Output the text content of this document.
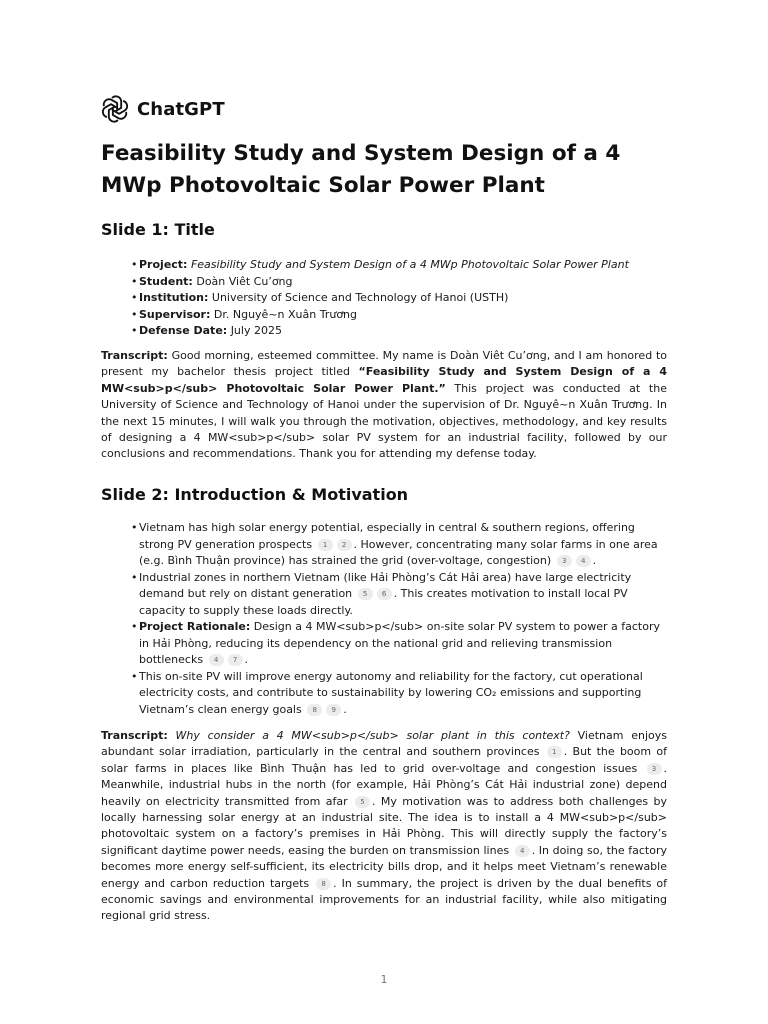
ChatGPT
Feasibility Study and System Design of a 4 MWp Photovoltaic Solar Power Plant
Slide 1: Title
• Project: Feasibility Study and System Design of a 4 MWp Photovoltaic Solar Power Plant
• Student: Doàn Viêt Cu’ơng
• Institution: University of Science and Technology of Hanoi (USTH)
• Supervisor: Dr. Nguyê~n Xuân Trươ̛ng
• Defense Date: July 2025

Transcript: Good morning, esteemed committee. My name is Doàn Viêt Cu’ơng, and I am honored to present my bachelor thesis project titled “Feasibility Study and System Design of a 4 MW<sub>p</sub> Photovoltaic Solar Power Plant.” This project was conducted at the University of Science and Technology of Hanoi under the supervision of Dr. Nguyê~n Xuân Trươ̛ng. In the next 15 minutes, I will walk you through the motivation, objectives, methodology, and key results of designing a 4 MW<sub>p</sub> solar PV system for an industrial facility, followed by our conclusions and recommendations. Thank you for attending my defense today.

Slide 2: Introduction & Motivation
• Vietnam has high solar energy potential, especially in central & southern regions, offering strong PV generation prospects 1 2 . However, concentrating many solar farms in one area (e.g. Bình Thuận province) has strained the grid (over-voltage, congestion) 3 4 .
• Industrial zones in northern Vietnam (like Hải Phòng’s Cát Hải area) have large electricity demand but rely on distant generation 5 6 . This creates motivation to install local PV capacity to supply these loads directly.
• Project Rationale: Design a 4 MW<sub>p</sub> on-site solar PV system to power a factory in Hải Phòng, reducing its dependency on the national grid and relieving transmission bottlenecks 4 7 .
• This on-site PV will improve energy autonomy and reliability for the factory, cut operational electricity costs, and contribute to sustainability by lowering CO₂ emissions and supporting Vietnam’s clean energy goals 8 9 .

Transcript: Why consider a 4 MW<sub>p</sub> solar plant in this context? Vietnam enjoys abundant solar irradiation, particularly in the central and southern provinces 1 . But the boom of solar farms in places like Bình Thuận has led to grid over-voltage and congestion issues 3 . Meanwhile, industrial hubs in the north (for example, Hải Phòng’s Cát Hải industrial zone) depend heavily on electricity transmitted from afar 5 . My motivation was to address both challenges by locally harnessing solar energy at an industrial site. The idea is to install a 4 MW<sub>p</sub> photovoltaic system on a factory’s premises in Hải Phòng. This will directly supply the factory’s significant daytime power needs, easing the burden on transmission lines 4 . In doing so, the factory becomes more energy self-sufficient, its electricity bills drop, and it helps meet Vietnam’s renewable energy and carbon reduction targets 8 . In summary, the project is driven by the dual benefits of economic savings and environmental improvements for an industrial facility, while also mitigating regional grid stress.

1
